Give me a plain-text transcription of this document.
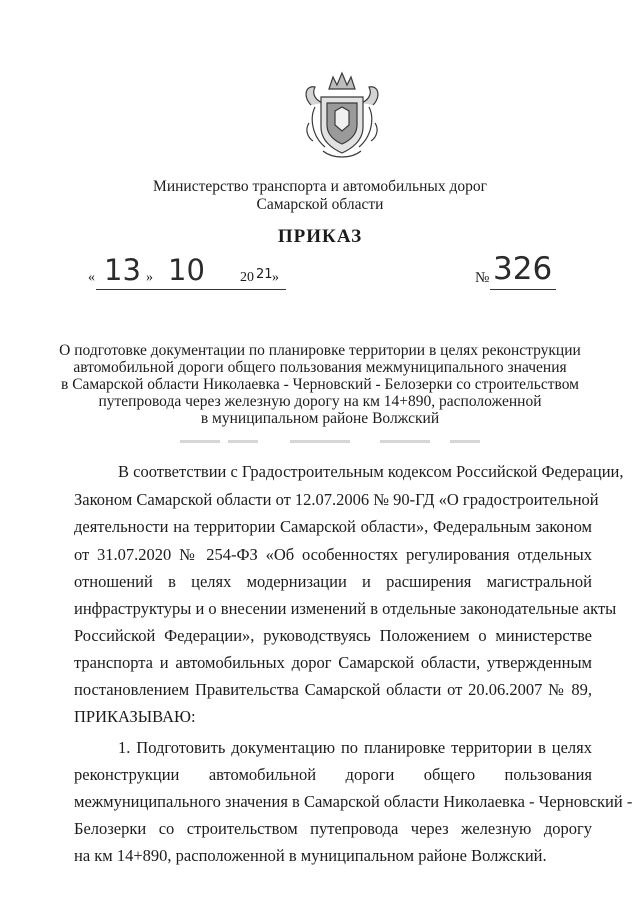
Министерство транспорта и автомобильных дорог
Самарской области
ПРИКАЗ
« 13 » 10	20 21 »	№ 326
О подготовке документации по планировке территории в целях реконструкции
автомобильной дороги общего пользования межмуниципального значения
в Самарской области Николаевка - Черновский - Белозерки со строительством
путепровода через железную дорогу на км 14+890, расположенной
в муниципальном районе Волжский
В соответствии с Градостроительным кодексом Российской Федерации,
Законом Самарской области от 12.07.2006 № 90-ГД «О градостроительной
деятельности на территории Самарской области», Федеральным законом
от 31.07.2020 № 254-ФЗ «Об особенностях регулирования отдельных
отношений в целях модернизации и расширения магистральной
инфраструктуры и о внесении изменений в отдельные законодательные акты
Российской Федерации», руководствуясь Положением о министерстве
транспорта и автомобильных дорог Самарской области, утвержденным
постановлением Правительства Самарской области от 20.06.2007 № 89,
ПРИКАЗЫВАЮ:
1. Подготовить документацию по планировке территории в целях
реконструкции автомобильной дороги общего пользования
межмуниципального значения в Самарской области Николаевка - Черновский -
Белозерки со строительством путепровода через железную дорогу
на км 14+890, расположенной в муниципальном районе Волжский.
